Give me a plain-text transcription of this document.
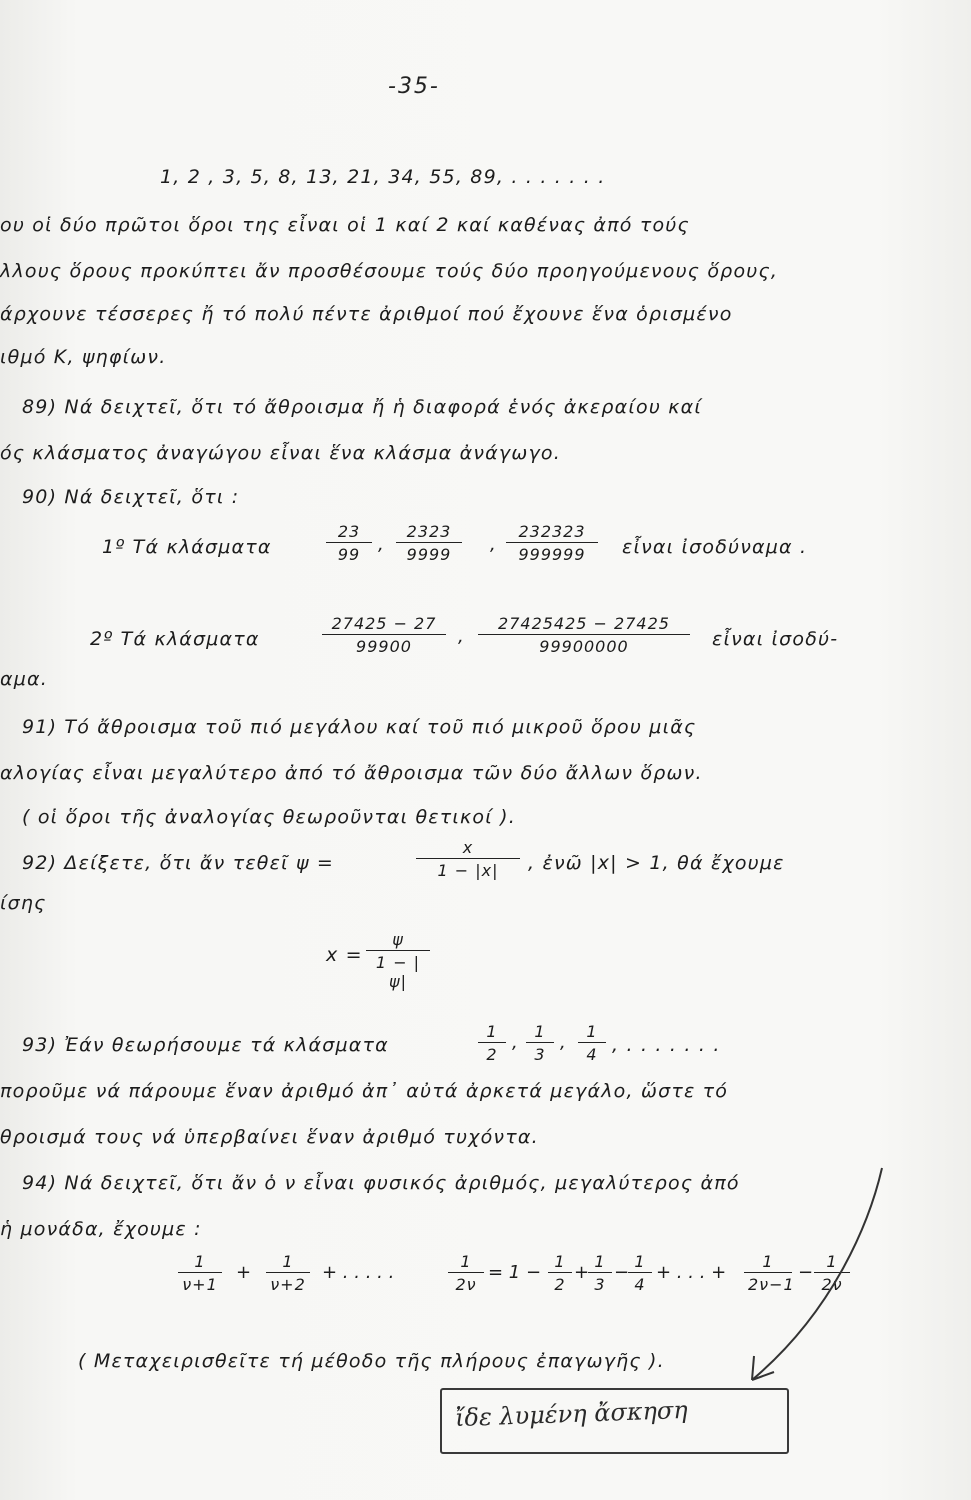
-35-
1, 2 , 3, 5, 8, 13, 21, 34, 55, 89, . . . . . . .
ου οἱ δύο πρῶτοι ὅροι της εἶναι οἱ 1 καί 2 καί καθένας ἀπό τούς
λλους ὅρους προκύπτει ἄν προσθέσουμε τούς δύο προηγούμενους ὅρους,
άρχουνε τέσσερες ἤ τό πολύ πέντε ἀριθμοί πού ἔχουνε ἕνα ὁρισμένο
ιθμό Κ, ψηφίων.
89) Νά δειχτεῖ, ὅτι τό ἄθροισμα ἤ ἡ διαφορά ἑνός ἀκεραίου καί
ός κλάσματος ἀναγώγου εἶναι ἕνα κλάσμα ἀνάγωγο.
90) Νά δειχτεῖ, ὅτι :
1º Τά κλάσματα
23
99 ,
2323
9999	,
232323
999999	εἶναι ἰσοδύναμα .
2º Τά κλάσματα
27425 − 27
99900	,
27425425 − 27425
99900000	εἶναι ἰσοδύ-
αμα.
91) Τό ἄθροισμα τοῦ πιό μεγάλου καί τοῦ πιό μικροῦ ὅρου μιᾶς
αλογίας εἶναι μεγαλύτερο ἀπό τό ἄθροισμα τῶν δύο ἄλλων ὅρων.
( οἱ ὅροι τῆς ἀναλογίας θεωροῦνται θετικοί ).
92) Δείξετε, ὅτι ἄν τεθεῖ ψ =
x
1 − |x|	, ἐνῶ |x| > 1, θά ἔχουμε
ίσης
x =
ψ
1 − |ψ|
93) Ἐάν θεωρήσουμε τά κλάσματα
1
2
,
1
3
,
1
4 , . . . . . . .
ποροῦμε νά πάρουμε ἕναν ἀριθμό ἀπ᾽ αὐτά ἀρκετά μεγάλο, ὥστε τό
θροισμά τους νά ὑπερβαίνει ἕναν ἀριθμό τυχόντα.
94) Νά δειχτεῖ, ὅτι ἄν ὁ ν εἶναι φυσικός ἀριθμός, μεγαλύτερος ἀπό
ἡ μονάδα, ἔχουμε :
1
ν+1
+
1
ν+2
+ . . . . .
1
2ν
= 1 −
1
2
+
1
3
−
1
4
+ . . . +
1
2ν−1
−
1
2ν
( Μεταχειρισθεῖτε τή μέθοδο τῆς πλήρους ἐπαγωγῆς ).
ἴδε λυμένη ἄσκηση
